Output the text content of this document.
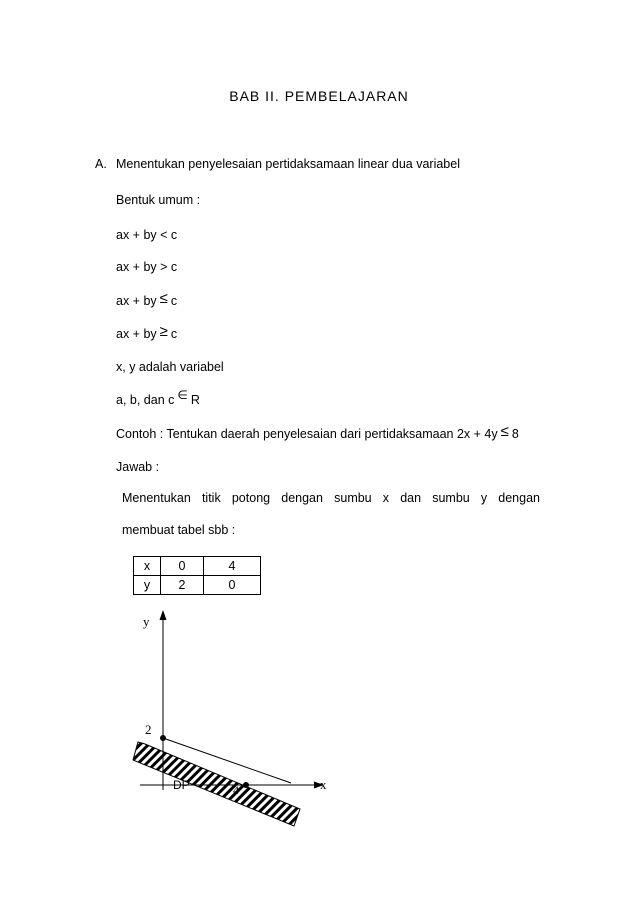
BAB II. PEMBELAJARAN
A. Menentukan penyelesaian pertidaksamaan linear dua variabel
Bentuk umum :
ax + by < c
ax + by > c
ax + by ≤ c
ax + by ≥ c
x, y adalah variabel
a, b, dan c ∈ R
Contoh : Tentukan daerah penyelesaian dari pertidaksamaan 2x + 4y ≤ 8
Jawab :
Menentukan titik potong dengan sumbu x dan sumbu y dengan
membuat tabel sbb :
x	0	4
y	2	0
y
x
2
DP	4
